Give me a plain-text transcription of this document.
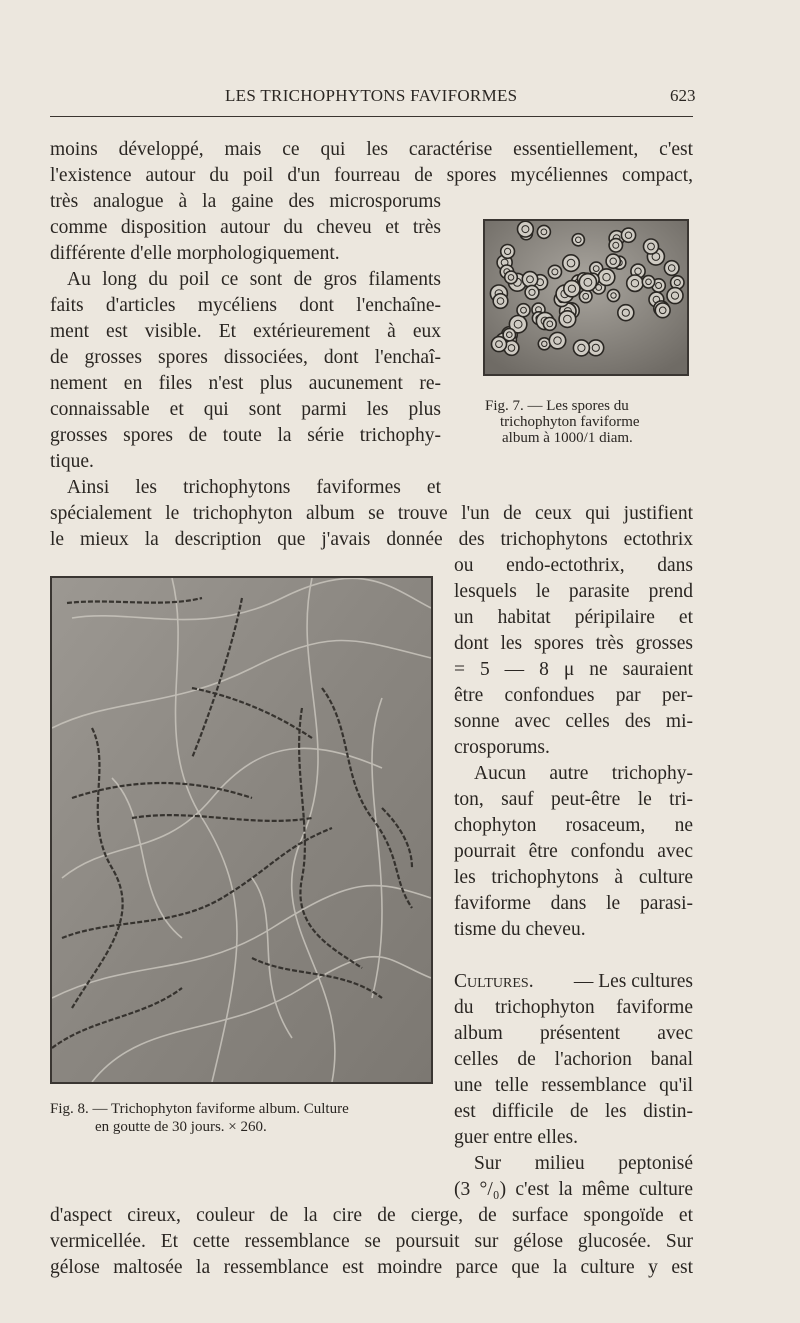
LES TRICHOPHYTONS FAVIFORMES	623
moins développé, mais ce qui les caractérise essentiellement, c'est
l'existence autour du poil d'un fourreau de spores mycéliennes compact,
très analogue à la gaine des microsporums
comme disposition autour du cheveu et très
différente d'elle morphologiquement.
Au long du poil ce sont de gros filaments
faits d'articles mycéliens dont l'enchaîne-
ment est visible. Et extérieurement à eux
de grosses spores dissociées, dont l'enchaî-
nement en files n'est plus aucunement re-
connaissable et qui sont parmi les plus
grosses spores de toute la série trichophy-
tique.
Ainsi les trichophytons faviformes et
spécialement le trichophyton album se trouve l'un de ceux qui justifient
le mieux la description que j'avais donnée des trichophytons ectothrix
ou endo-ectothrix, dans
lesquels le parasite prend
un habitat péripilaire et
dont les spores très grosses
= 5 — 8 μ ne sauraient
être confondues par per-
sonne avec celles des mi-
crosporums.
Aucun autre trichophy-
ton, sauf peut-être le tri-
chophyton rosaceum, ne
pourrait être confondu avec
les trichophytons à culture
faviforme dans le parasi-
tisme du cheveu.
Cultures. — Les cultures
du trichophyton faviforme
album présentent avec
celles de l'achorion banal
une telle ressemblance qu'il
est difficile de les distin-
guer entre elles.
Sur milieu peptonisé
(3 °/₀) c'est la même culture
d'aspect cireux, couleur de la cire de cierge, de surface spongoïde et
vermicellée. Et cette ressemblance se poursuit sur gélose glucosée. Sur
gélose maltosée la ressemblance est moindre parce que la culture y est
Fig. 7. — Les spores du
trichophyton faviforme
album à 1000/1 diam.
Fig. 8. — Trichophyton faviforme album. Culture
en goutte de 30 jours. × 260.
